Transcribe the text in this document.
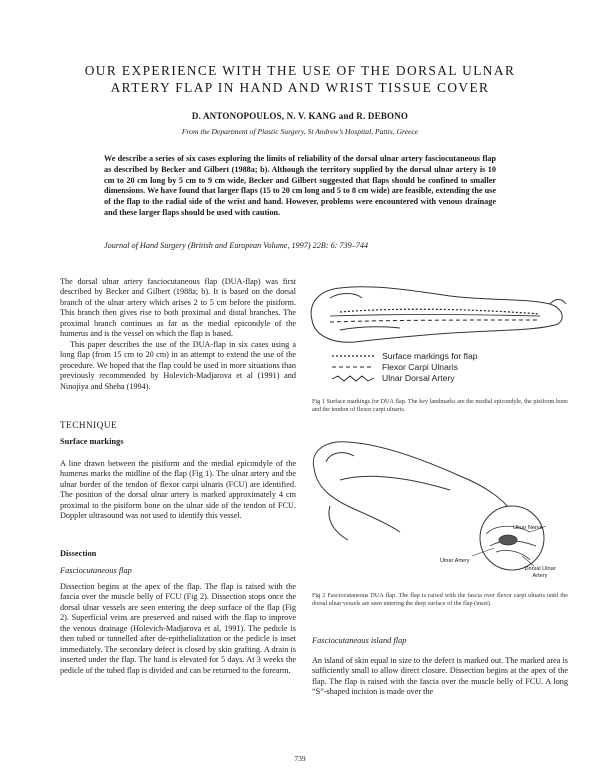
OUR EXPERIENCE WITH THE USE OF THE DORSAL ULNAR
ARTERY FLAP IN HAND AND WRIST TISSUE COVER
D. ANTONOPOULOS, N. V. KANG and R. DEBONO
From the Department of Plastic Surgery, St Andrew’s Hospital, Pattis, Greece
We describe a series of six cases exploring the limits of reliability of the dorsal ulnar artery fasciocutaneous flap as described by Becker and Gilbert (1988a; b). Although the territory supplied by the dorsal ulnar artery is 10 cm to 20 cm long by 5 cm to 9 cm wide, Becker and Gilbert suggested that flaps should be confined to smaller dimensions. We have found that larger flaps (15 to 20 cm long and 5 to 8 cm wide) are feasible, extending the use of the flap to the radial side of the wrist and hand. However, problems were encountered with venous drainage and these larger flaps should be used with caution.
Journal of Hand Surgery (British and European Volume, 1997) 22B: 6: 739–744

The dorsal ulnar artery fasciocutaneous flap (DUA-flap) was first described by Becker and Gilbert (1988a; b). It is based on the dorsal branch of the ulnar artery which arises 2 to 5 cm before the pisiform. This branch then gives rise to both proximal and distal branches. The proximal branch continues as far as the medial epicondyle of the humerus and is the vessel on which the flap is based.

This paper describes the use of the DUA-flap in six cases using a long flap (from 15 cm to 20 cm) in an attempt to extend the use of the procedure. We hoped that the flap could be used in more situations than previously recommended by Holevich-Madjarova et al (1991) and Ninojiya and Sheha (1994).

TECHNIQUE
Surface markings

A line drawn between the pisiform and the medial epicondyle of the humerus marks the midline of the flap (Fig 1). The ulnar artery and the ulnar border of the tendon of flexor carpi ulnaris (FCU) are identified. The position of the dorsal ulnar artery is marked approximately 4 cm proximal to the pisiform bone on the ulnar side of the tendon of FCU. Doppler ultrasound was not used to identify this vessel.

Dissection
Fasciocutaneous flap

Dissection begins at the apex of the flap. The flap is raised with the fascia over the muscle belly of FCU (Fig 2). Dissection stops once the dorsal ulnar vessels are seen entering the deep surface of the flap (Fig 2). Superficial veins are preserved and raised with the flap to improve the venous drainage (Holevich-Madjarova et al, 1991). The pedicle is then tubed or tunnelled after de-epithelialization or the pedicle is inset immediately. The secondary defect is closed by skin grafting. A drain is inserted under the flap. The hand is elevated for 5 days. At 3 weeks the pedicle of the tubed flap is divided and can be returned to the forearm.

Surface markings for flap
Flexor Carpi Ulnaris
Ulnar Dorsal Artery
Fig 1 Surface markings for DUA flap. The key landmarks are the medial epicondyle, the pisiform bone and the tendon of flexor carpi ulnaris.
Ulnar Nerve
Ulnar Artery
Dorsal Ulnar Artery
Fig 2 Fasciocutaneous DUA flap. The flap is raised with the fascia over flexor carpi ulnaris until the dorsal ulnar vessels are seen entering the deep surface of the flap (inset).
Fasciocutaneous island flap

An island of skin equal in size to the defect is marked out. The marked area is sufficiently small to allow direct closure. Dissection begins at the apex of the flap. The flap is raised with the fascia over the muscle belly of FCU. A long “S”-shaped incision is made over the

739
